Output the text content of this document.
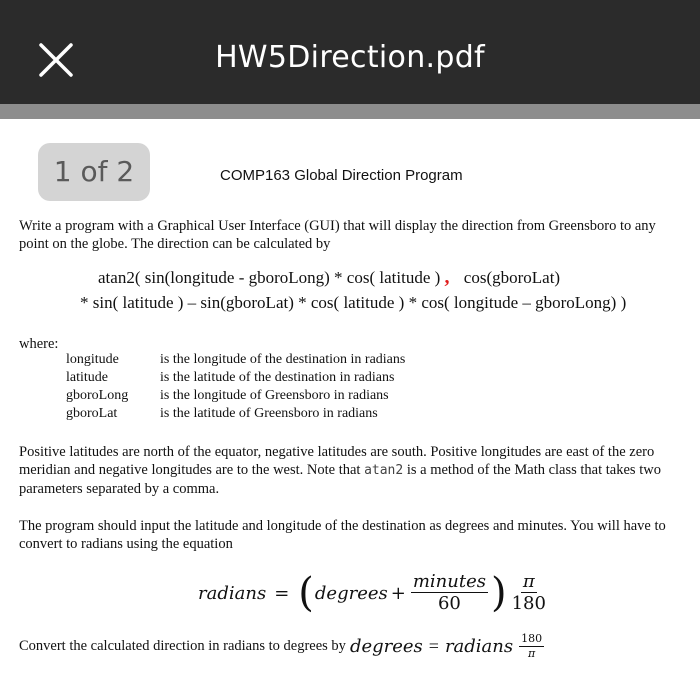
HW5Direction.pdf
1 of 2	COMP163 Global Direction Program
Write a program with a Graphical User Interface (GUI) that will display the direction from Greensboro to any point on the globe. The direction can be calculated by
atan2( sin(longitude - gboroLong) * cos( latitude ) , cos(gboroLat)
* sin( latitude ) – sin(gboroLat) * cos( latitude ) * cos( longitude – gboroLong) )
where:
longitude	is the longitude of the destination in radians
latitude	is the latitude of the destination in radians
gboroLong	is the longitude of Greensboro in radians
gboroLat	is the latitude of Greensboro in radians
Positive latitudes are north of the equator, negative latitudes are south. Positive longitudes are east of the zero meridian and negative longitudes are to the west. Note that atan2 is a method of the Math class that takes two parameters separated by a comma.
The program should input the latitude and longitude of the destination as degrees and minutes. You will have to convert to radians using the equation
radians = ( degrees + $\frac{\text{minutes}}{60}$ ) $\frac{\pi}{180}$
Convert the calculated direction in radians to degrees by degrees = radians $\frac{180}{\pi}$
